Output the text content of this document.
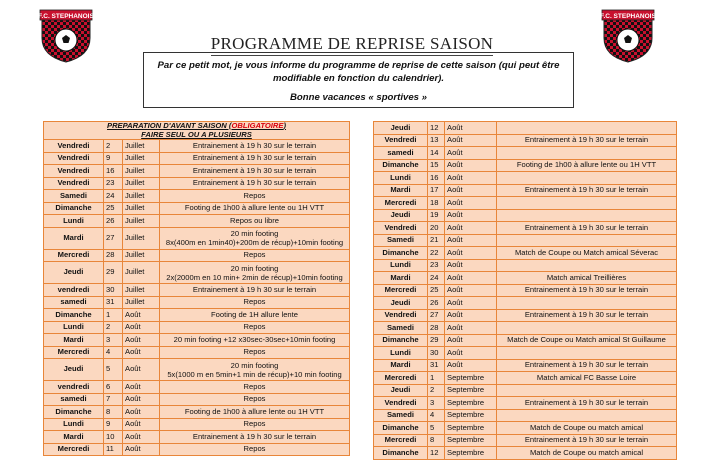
F.C. STEPHANOIS	F.C. STEPHANOIS
PROGRAMME DE REPRISE SAISON
Par ce petit mot, je vous informe du programme de reprise de cette saison (qui peut être modifiable en fonction du calendrier).
Bonne vacances « sportives »
PREPARATION D'AVANT SAISON (OBLIGATOIRE)
FAIRE SEUL OU A PLUSIEURS			
Vendredi	2	Juillet	Entrainement à 19 h 30 sur le terrain
Vendredi	9	Juillet	Entrainement à 19 h 30 sur le terrain
Vendredi	16	Juillet	Entrainement à 19 h 30 sur le terrain
Vendredi	23	Juillet	Entrainement à 19 h 30 sur le terrain
Samedi	24	Juillet	Repos
Dimanche	25	Juillet	Footing de 1h00 à allure lente ou 1H VTT
Lundi	26	Juillet	Repos ou libre
Mardi	27	Juillet	20 min footing
8x(400m en 1min40)+200m de récup)+10min footing

Mercredi	28	Juillet	Repos
Jeudi	29	Juillet	20 min footing
2x(2000m en 10 min+ 2min de récup)+10min footing

vendredi	30	Juillet	Entrainement à 19 h 30 sur le terrain
samedi	31	Juillet	Repos
Dimanche	1	Août	Footing de 1H allure lente
Lundi	2	Août	Repos
Mardi	3	Août	20 min footing +12 x30sec-30sec+10min footing
Mercredi	4	Août	Repos
Jeudi	5	Août	20 min footing
5x(1000 m en 5min+1 min de récup)+10 min footing

vendredi	6	Août	Repos
samedi	7	Août	Repos
Dimanche	8	Août	Footing de 1h00 à allure lente ou 1H VTT
Lundi	9	Août	Repos
Mardi	10	Août	Entrainement à 19 h 30 sur le terrain
Mercredi	11	Août	Repos
Jeudi	12	Août	
Vendredi	13	Août	Entrainement à 19 h 30 sur le terrain
samedi	14	Août	
Dimanche	15	Août	Footing de 1h00 à allure lente ou 1H VTT
Lundi	16	Août	
Mardi	17	Août	Entrainement à 19 h 30 sur le terrain
Mercredi	18	Août	
Jeudi	19	Août	
Vendredi	20	Août	Entrainement à 19 h 30 sur le terrain
Samedi	21	Août	
Dimanche	22	Août	Match de Coupe ou Match amical Séverac
Lundi	23	Août	
Mardi	24	Août	Match amical Treillières
Mercredi	25	Août	Entrainement à 19 h 30 sur le terrain
Jeudi	26	Août	
Vendredi	27	Août	Entrainement à 19 h 30 sur le terrain
Samedi	28	Août	
Dimanche	29	Août	Match de Coupe ou Match amical St Guillaume
Lundi	30	Août	
Mardi	31	Août	Entrainement à 19 h 30 sur le terrain
Mercredi	1	Septembre	Match amical FC Basse Loire
Jeudi	2	Septembre	
Vendredi	3	Septembre	Entrainement à 19 h 30 sur le terrain
Samedi	4	Septembre	
Dimanche	5	Septembre	Match de Coupe ou match amical
Mercredi	8	Septembre	Entrainement à 19 h 30 sur le terrain
Dimanche	12	Septembre	Match de Coupe ou match amical
